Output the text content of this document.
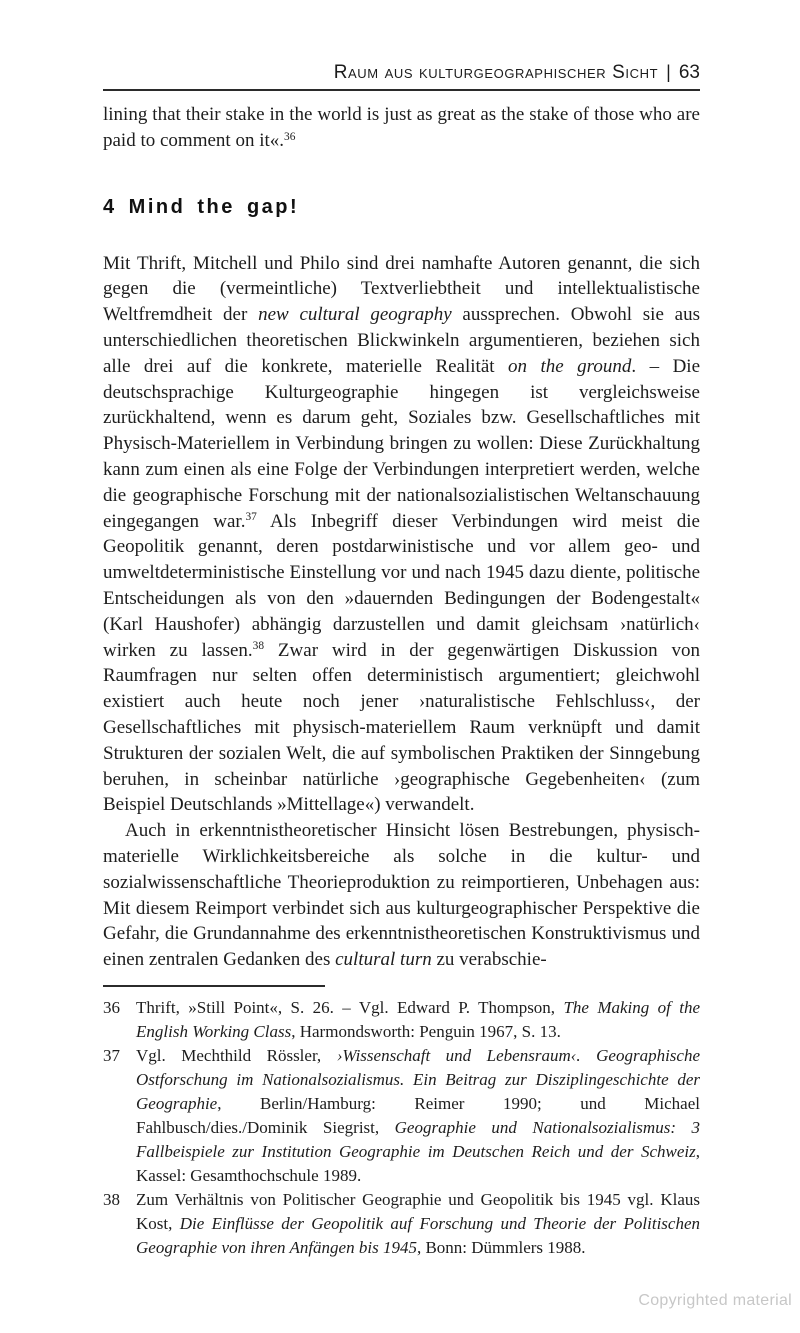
Raum aus kulturgeographischer Sicht | 63

lining that their stake in the world is just as great as the stake of those who are paid to comment on it«.$^{36}$

4 Mind the gap!

Mit Thrift, Mitchell und Philo sind drei namhafte Autoren genannt, die sich gegen die (vermeintliche) Textverliebtheit und intellektualistische Weltfremdheit der new cultural geography aussprechen. Obwohl sie aus unterschiedlichen theoretischen Blickwinkeln argumentieren, beziehen sich alle drei auf die konkrete, materielle Realität on the ground. – Die deutschsprachige Kulturgeographie hingegen ist vergleichsweise zurückhaltend, wenn es darum geht, Soziales bzw. Gesellschaftliches mit Physisch-Materiellem in Verbindung bringen zu wollen: Diese Zurückhaltung kann zum einen als eine Folge der Verbindungen interpretiert werden, welche die geographische Forschung mit der nationalsozialistischen Weltanschauung eingegangen war.$^{37}$ Als Inbegriff dieser Verbindungen wird meist die Geopolitik genannt, deren postdarwinistische und vor allem geo- und umweltdeterministische Einstellung vor und nach 1945 dazu diente, politische Entscheidungen als von den »dauernden Bedingungen der Bodengestalt« (Karl Haushofer) abhängig darzustellen und damit gleichsam ›natürlich‹ wirken zu lassen.$^{38}$ Zwar wird in der gegenwärtigen Diskussion von Raumfragen nur selten offen deterministisch argumentiert; gleichwohl existiert auch heute noch jener ›naturalistische Fehlschluss‹, der Gesellschaftliches mit physisch-materiellem Raum verknüpft und damit Strukturen der sozialen Welt, die auf symbolischen Praktiken der Sinngebung beruhen, in scheinbar natürliche ›geographische Gegebenheiten‹ (zum Beispiel Deutschlands »Mittellage«) verwandelt.

Auch in erkenntnistheoretischer Hinsicht lösen Bestrebungen, physisch-materielle Wirklichkeitsbereiche als solche in die kultur- und sozialwissenschaftliche Theorieproduktion zu reimportieren, Unbehagen aus: Mit diesem Reimport verbindet sich aus kulturgeographischer Perspektive die Gefahr, die Grundannahme des erkenntnistheoretischen Konstruktivismus und einen zentralen Gedanken des cultural turn zu verabschie-

36 Thrift, »Still Point«, S. 26. – Vgl. Edward P. Thompson, The Making of the English Working Class, Harmondsworth: Penguin 1967, S. 13.
37 Vgl. Mechthild Rössler, ›Wissenschaft und Lebensraum‹. Geographische Ostforschung im Nationalsozialismus. Ein Beitrag zur Disziplingeschichte der Geographie, Berlin/Hamburg: Reimer 1990; und Michael Fahlbusch/dies./Dominik Siegrist, Geographie und Nationalsozialismus: 3 Fallbeispiele zur Institution Geographie im Deutschen Reich und der Schweiz, Kassel: Gesamthochschule 1989.
38 Zum Verhältnis von Politischer Geographie und Geopolitik bis 1945 vgl. Klaus Kost, Die Einflüsse der Geopolitik auf Forschung und Theorie der Politischen Geographie von ihren Anfängen bis 1945, Bonn: Dümmlers 1988.
Copyrighted material
